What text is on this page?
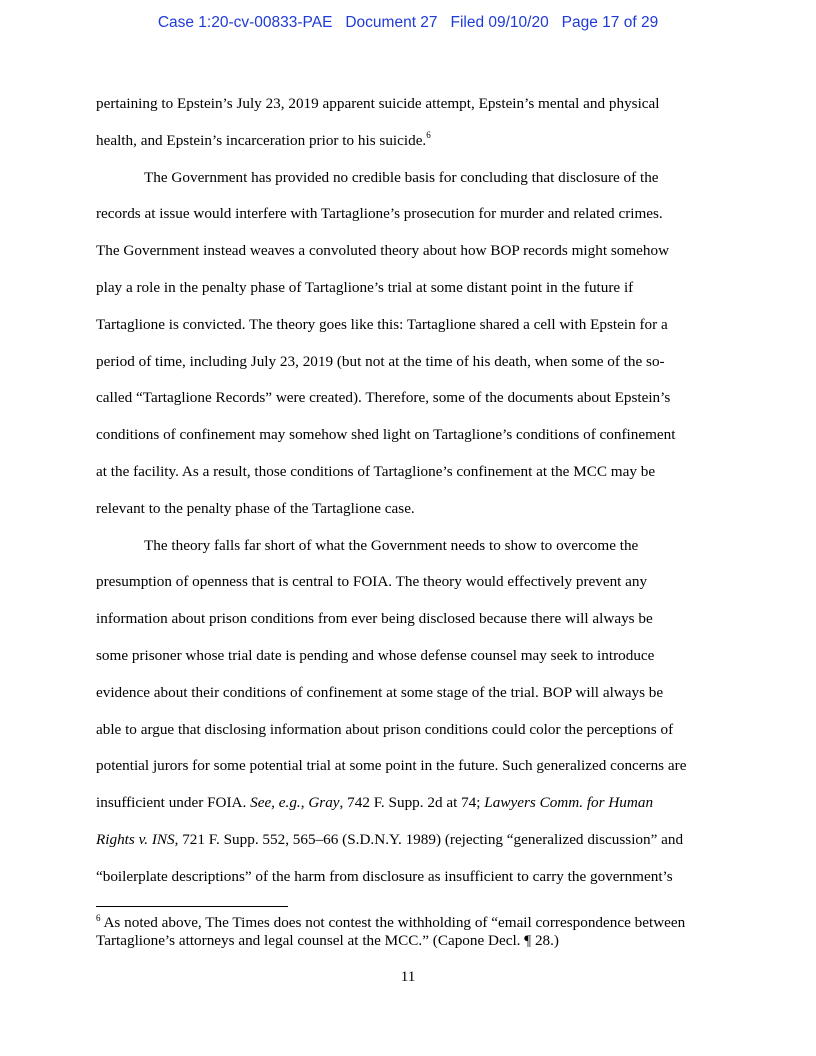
Case 1:20-cv-00833-PAE Document 27 Filed 09/10/20 Page 17 of 29
pertaining to Epstein’s July 23, 2019 apparent suicide attempt, Epstein’s mental and physical
health, and Epstein’s incarceration prior to his suicide.$^6$
The Government has provided no credible basis for concluding that disclosure of the
records at issue would interfere with Tartaglione’s prosecution for murder and related crimes.
The Government instead weaves a convoluted theory about how BOP records might somehow
play a role in the penalty phase of Tartaglione’s trial at some distant point in the future if
Tartaglione is convicted. The theory goes like this: Tartaglione shared a cell with Epstein for a
period of time, including July 23, 2019 (but not at the time of his death, when some of the so-
called “Tartaglione Records” were created). Therefore, some of the documents about Epstein’s
conditions of confinement may somehow shed light on Tartaglione’s conditions of confinement
at the facility. As a result, those conditions of Tartaglione’s confinement at the MCC may be
relevant to the penalty phase of the Tartaglione case.
The theory falls far short of what the Government needs to show to overcome the
presumption of openness that is central to FOIA. The theory would effectively prevent any
information about prison conditions from ever being disclosed because there will always be
some prisoner whose trial date is pending and whose defense counsel may seek to introduce
evidence about their conditions of confinement at some stage of the trial. BOP will always be
able to argue that disclosing information about prison conditions could color the perceptions of
potential jurors for some potential trial at some point in the future. Such generalized concerns are
insufficient under FOIA. See, e.g., Gray, 742 F. Supp. 2d at 74; Lawyers Comm. for Human
Rights v. INS, 721 F. Supp. 552, 565–66 (S.D.N.Y. 1989) (rejecting “generalized discussion” and
“boilerplate descriptions” of the harm from disclosure as insufficient to carry the government’s
$^6$ As noted above, The Times does not contest the withholding of “email correspondence between
Tartaglione’s attorneys and legal counsel at the MCC.” (Capone Decl. ¶ 28.)
11
